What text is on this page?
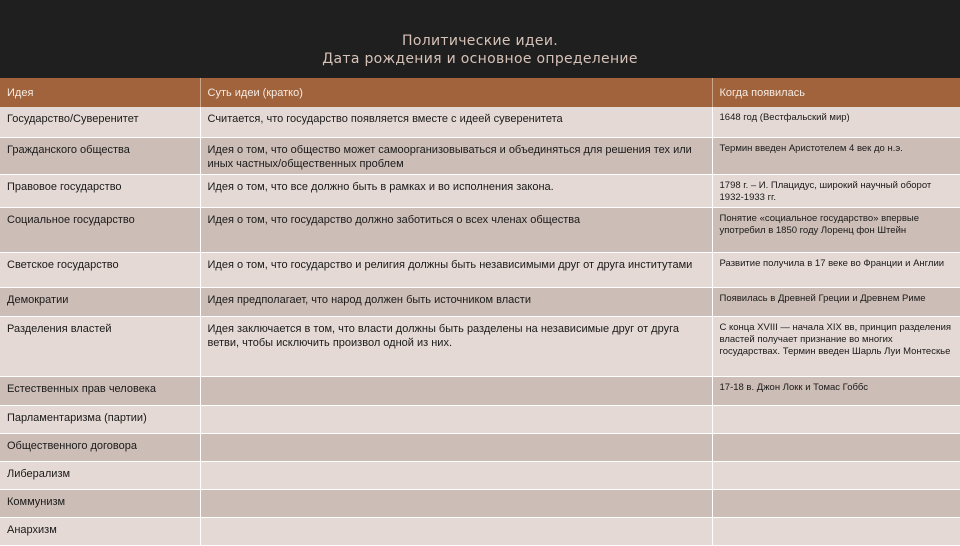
Политические идеи.
Дата рождения и основное определение
Идея	Суть идеи (кратко)	Когда появилась
Государство/Суверенитет	Считается, что государство появляется вместе с идеей суверенитета	1648 год (Вестфальский мир)
Гражданского общества	Идея о том, что общество может самоорганизовываться и объединяться для решения тех или иных частных/общественных проблем	Термин введен Аристотелем 4 век до н.э.
Правовое государство	Идея о том, что все должно быть в рамках и во исполнения закона.	1798 г. – И. Плацидус, широкий научный оборот 1932-1933 гг.
Социальное государство	Идея о том, что государство должно заботиться о всех членах общества	Понятие «социальное государство» впервые употребил в 1850 году Лоренц фон Штейн
Светское государство	Идея о том, что государство и религия должны быть независимыми друг от друга институтами	Развитие получила в 17 веке во Франции и Англии
Демократии	Идея предполагает, что народ должен быть источником власти	Появилась в Древней Греции и Древнем Риме
Разделения властей	Идея заключается в том, что власти должны быть разделены на независимые друг от друга ветви, чтобы исключить произвол одной из них.	С конца XVIII — начала XIX вв, принцип разделения властей получает признание во многих государствах. Термин введен Шарль Луи Монтескье
Естественных прав человека		17-18 в. Джон Локк и Томас Гоббс
Парламентаризма (партии)		
Общественного договора		
Либерализм		
Коммунизм		
Анархизм		
